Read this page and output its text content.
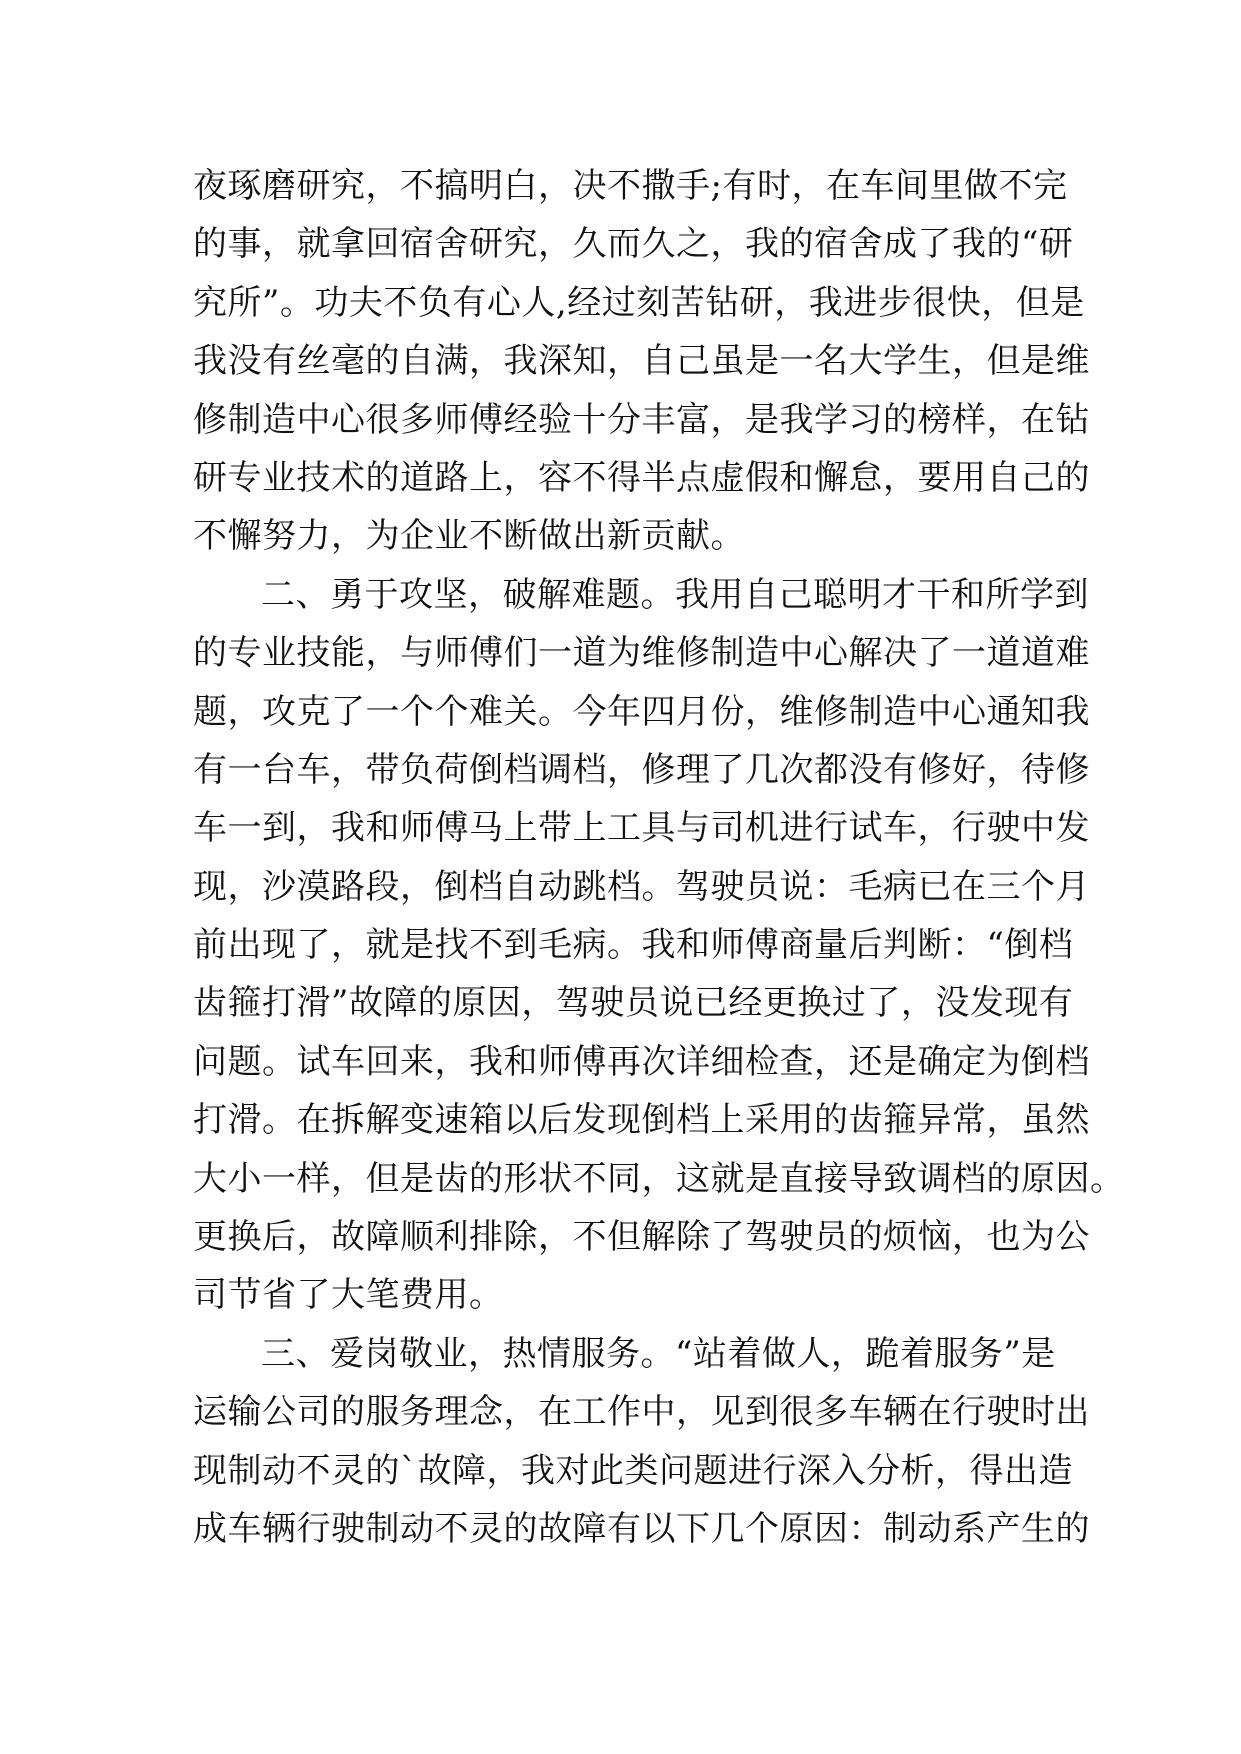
夜琢磨研究，不搞明白，决不撒手;有时，在车间里做不完
的事，就拿回宿舍研究，久而久之，我的宿舍成了我的“研
究所”。功夫不负有心人,经过刻苦钻研，我进步很快，但是
我没有丝毫的自满，我深知，自己虽是一名大学生，但是维
修制造中心很多师傅经验十分丰富，是我学习的榜样，在钻
研专业技术的道路上，容不得半点虚假和懈怠，要用自己的
不懈努力，为企业不断做出新贡献。
二、勇于攻坚，破解难题。我用自己聪明才干和所学到
的专业技能，与师傅们一道为维修制造中心解决了一道道难
题，攻克了一个个难关。今年四月份，维修制造中心通知我
有一台车，带负荷倒档调档，修理了几次都没有修好，待修
车一到，我和师傅马上带上工具与司机进行试车，行驶中发
现，沙漠路段，倒档自动跳档。驾驶员说：毛病已在三个月
前出现了，就是找不到毛病。我和师傅商量后判断：“倒档
齿箍打滑”故障的原因，驾驶员说已经更换过了，没发现有
问题。试车回来，我和师傅再次详细检查，还是确定为倒档
打滑。在拆解变速箱以后发现倒档上采用的齿箍异常，虽然
大小一样，但是齿的形状不同，这就是直接导致调档的原因。
更换后，故障顺利排除，不但解除了驾驶员的烦恼，也为公
司节省了大笔费用。
三、爱岗敬业，热情服务。“站着做人，跪着服务”是
运输公司的服务理念，在工作中，见到很多车辆在行驶时出
现制动不灵的`故障，我对此类问题进行深入分析，得出造
成车辆行驶制动不灵的故障有以下几个原因：制动系产生的
